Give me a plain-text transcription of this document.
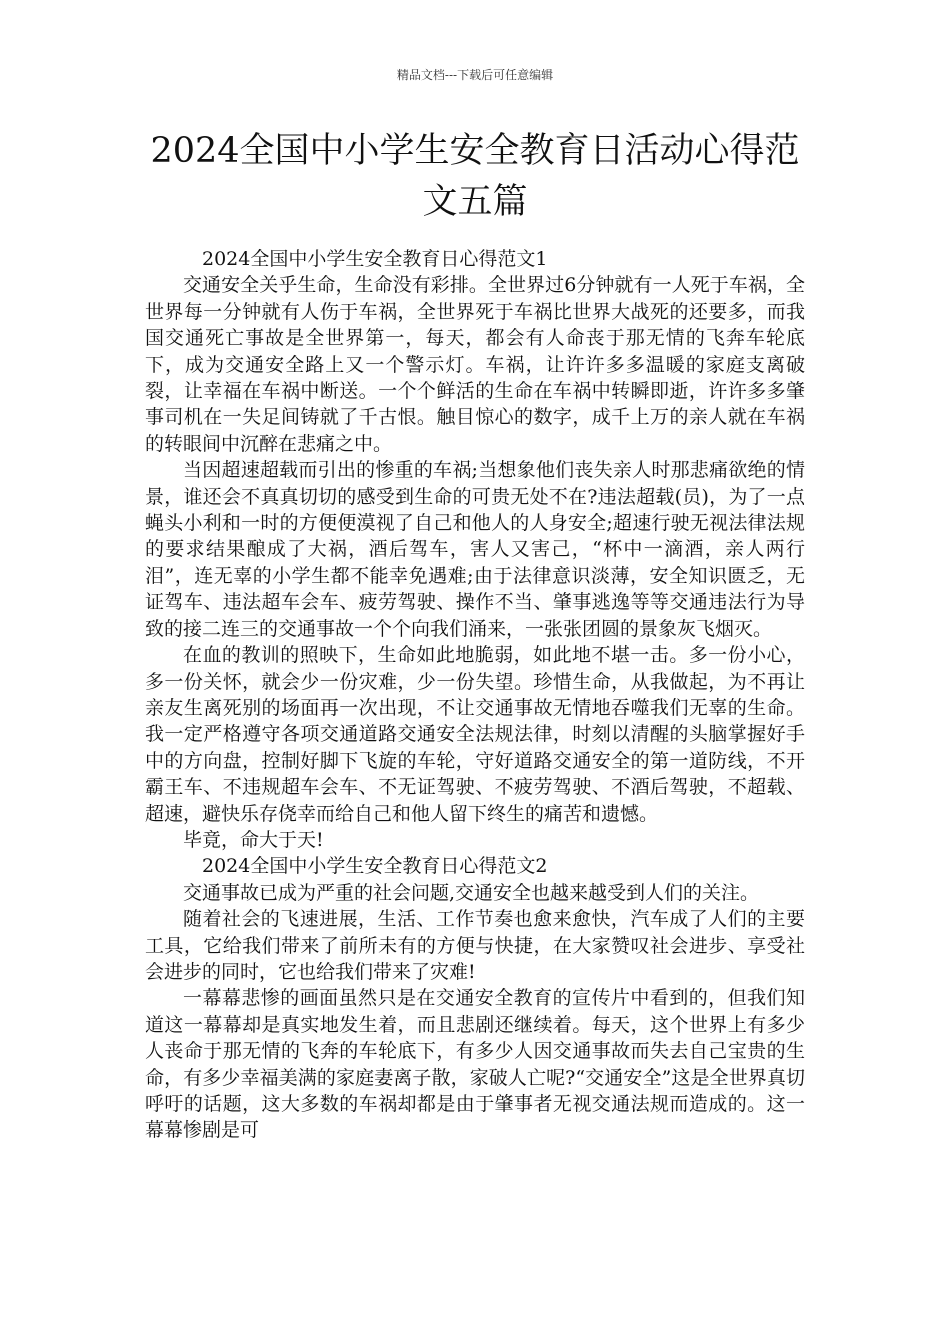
精品文档---下载后可任意编辑
2024全国中小学生安全教育日活动心得范文五篇

2024全国中小学生安全教育日心得范文1

交通安全关乎生命，生命没有彩排。全世界过6分钟就有一人死于车祸，全世界每一分钟就有人伤于车祸，全世界死于车祸比世界大战死的还要多，而我国交通死亡事故是全世界第一，每天，都会有人命丧于那无情的飞奔车轮底下，成为交通安全路上又一个警示灯。车祸，让许许多多温暖的家庭支离破裂，让幸福在车祸中断送。一个个鲜活的生命在车祸中转瞬即逝，许许多多肇事司机在一失足间铸就了千古恨。触目惊心的数字，成千上万的亲人就在车祸的转眼间中沉醉在悲痛之中。

当因超速超载而引出的惨重的车祸;当想象他们丧失亲人时那悲痛欲绝的情景，谁还会不真真切切的感受到生命的可贵无处不在?违法超载(员)，为了一点蝇头小利和一时的方便便漠视了自己和他人的人身安全;超速行驶无视法律法规的要求结果酿成了大祸，酒后驾车，害人又害己，“杯中一滴酒，亲人两行泪”，连无辜的小学生都不能幸免遇难;由于法律意识淡薄，安全知识匮乏，无证驾车、违法超车会车、疲劳驾驶、操作不当、肇事逃逸等等交通违法行为导致的接二连三的交通事故一个个向我们涌来，一张张团圆的景象灰飞烟灭。

在血的教训的照映下，生命如此地脆弱，如此地不堪一击。多一份小心，多一份关怀，就会少一份灾难，少一份失望。珍惜生命，从我做起，为不再让亲友生离死别的场面再一次出现，不让交通事故无情地吞噬我们无辜的生命。我一定严格遵守各项交通道路交通安全法规法律，时刻以清醒的头脑掌握好手中的方向盘，控制好脚下飞旋的车轮，守好道路交通安全的第一道防线，不开霸王车、不违规超车会车、不无证驾驶、不疲劳驾驶、不酒后驾驶，不超载、超速，避快乐存侥幸而给自己和他人留下终生的痛苦和遗憾。

毕竟，命大于天!

2024全国中小学生安全教育日心得范文2

交通事故已成为严重的社会问题,交通安全也越来越受到人们的关注。

随着社会的飞速进展，生活、工作节奏也愈来愈快，汽车成了人们的主要工具，它给我们带来了前所未有的方便与快捷，在大家赞叹社会进步、享受社会进步的同时，它也给我们带来了灾难!

一幕幕悲惨的画面虽然只是在交通安全教育的宣传片中看到的，但我们知道这一幕幕却是真实地发生着，而且悲剧还继续着。每天，这个世界上有多少人丧命于那无情的飞奔的车轮底下，有多少人因交通事故而失去自己宝贵的生命，有多少幸福美满的家庭妻离子散，家破人亡呢?“交通安全”这是全世界真切呼吁的话题，这大多数的车祸却都是由于肇事者无视交通法规而造成的。这一幕幕惨剧是可
